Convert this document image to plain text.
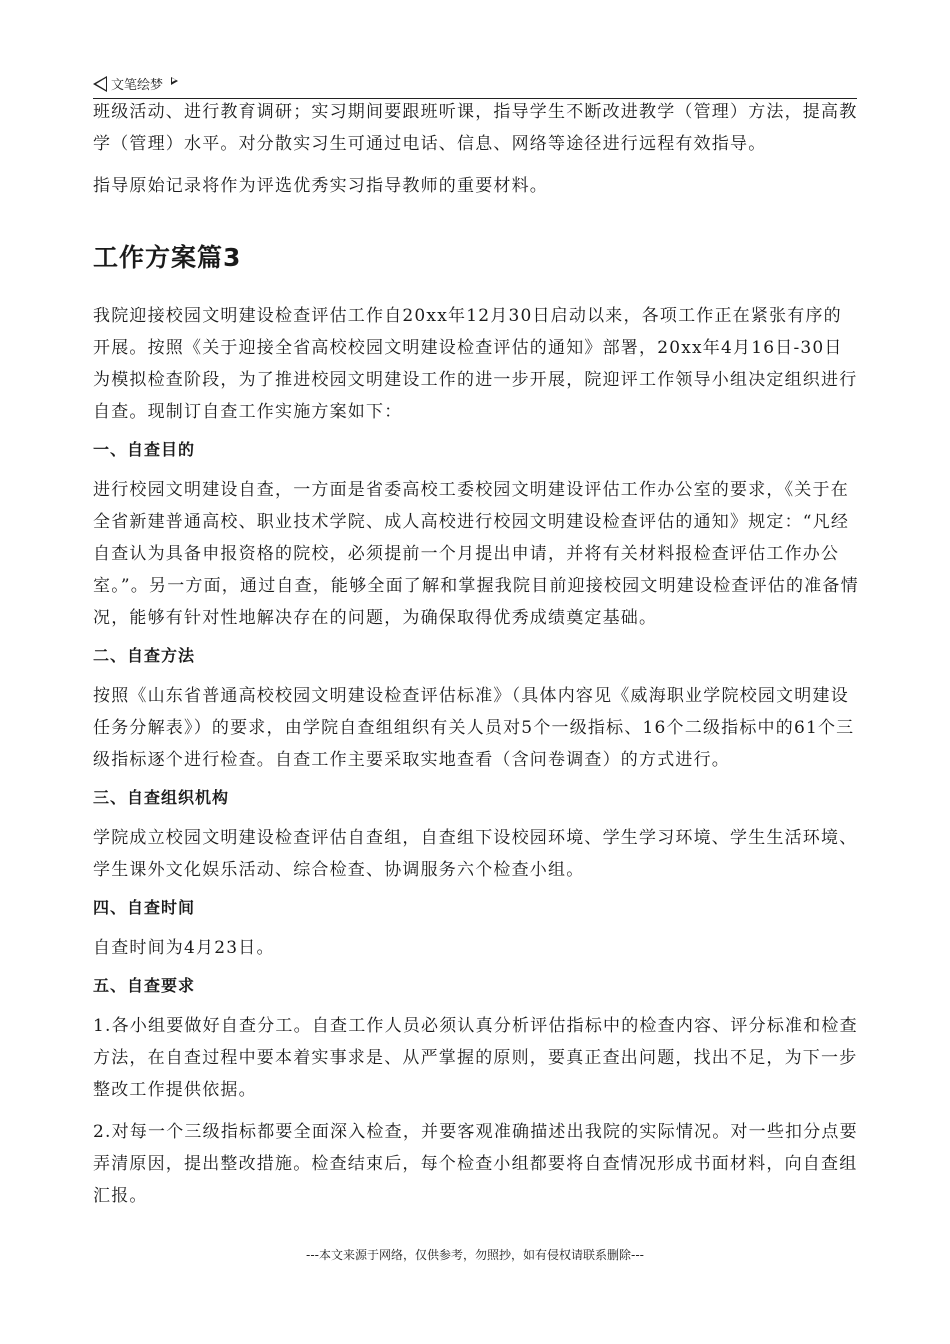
文笔绘梦

班级活动、进行教育调研；实习期间要跟班听课，指导学生不断改进教学（管理）方法，提高教学（管理）水平。对分散实习生可通过电话、信息、网络等途径进行远程有效指导。

指导原始记录将作为评选优秀实习指导教师的重要材料。

工作方案篇3

我院迎接校园文明建设检查评估工作自20xx年12月30日启动以来，各项工作正在紧张有序的开展。按照《关于迎接全省高校校园文明建设检查评估的通知》部署，20xx年4月16日-30日为模拟检查阶段，为了推进校园文明建设工作的进一步开展，院迎评工作领导小组决定组织进行自查。现制订自查工作实施方案如下：

一、自查目的

进行校园文明建设自查，一方面是省委高校工委校园文明建设评估工作办公室的要求，《关于在全省新建普通高校、职业技术学院、成人高校进行校园文明建设检查评估的通知》规定：“凡经自查认为具备申报资格的院校，必须提前一个月提出申请，并将有关材料报检查评估工作办公室。”。另一方面，通过自查，能够全面了解和掌握我院目前迎接校园文明建设检查评估的准备情况，能够有针对性地解决存在的问题，为确保取得优秀成绩奠定基础。

二、自查方法

按照《山东省普通高校校园文明建设检查评估标准》（具体内容见《威海职业学院校园文明建设任务分解表》）的要求，由学院自查组组织有关人员对5个一级指标、16个二级指标中的61个三级指标逐个进行检查。自查工作主要采取实地查看（含问卷调查）的方式进行。

三、自查组织机构

学院成立校园文明建设检查评估自查组，自查组下设校园环境、学生学习环境、学生生活环境、学生课外文化娱乐活动、综合检查、协调服务六个检查小组。

四、自查时间

自查时间为4月23日。

五、自查要求

1.各小组要做好自查分工。自查工作人员必须认真分析评估指标中的检查内容、评分标准和检查方法，在自查过程中要本着实事求是、从严掌握的原则，要真正查出问题，找出不足，为下一步整改工作提供依据。

2.对每一个三级指标都要全面深入检查，并要客观准确描述出我院的实际情况。对一些扣分点要弄清原因，提出整改措施。检查结束后，每个检查小组都要将自查情况形成书面材料，向自查组汇报。

---本文来源于网络，仅供参考，勿照抄，如有侵权请联系删除---
